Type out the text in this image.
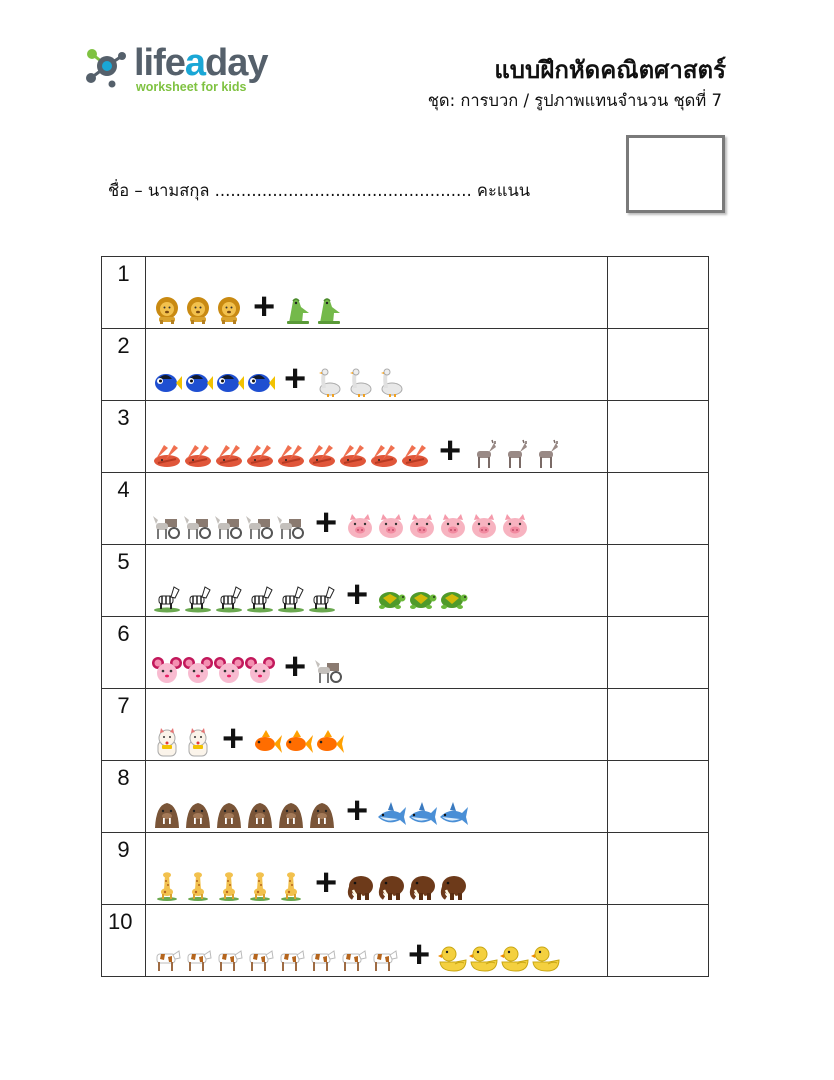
lifeaday
worksheet for kids
แบบฝึกหัดคณิตศาสตร์
ชุด: การบวก / รูปภาพแทนจำนวน ชุดที่ 7
ชื่อ – นามสกุล ................................................. คะแนน
1	+	

2	+	

3	+	

4	+	

5	+	

6	+	

7	+	

8	+	

9	+	

10	+	
